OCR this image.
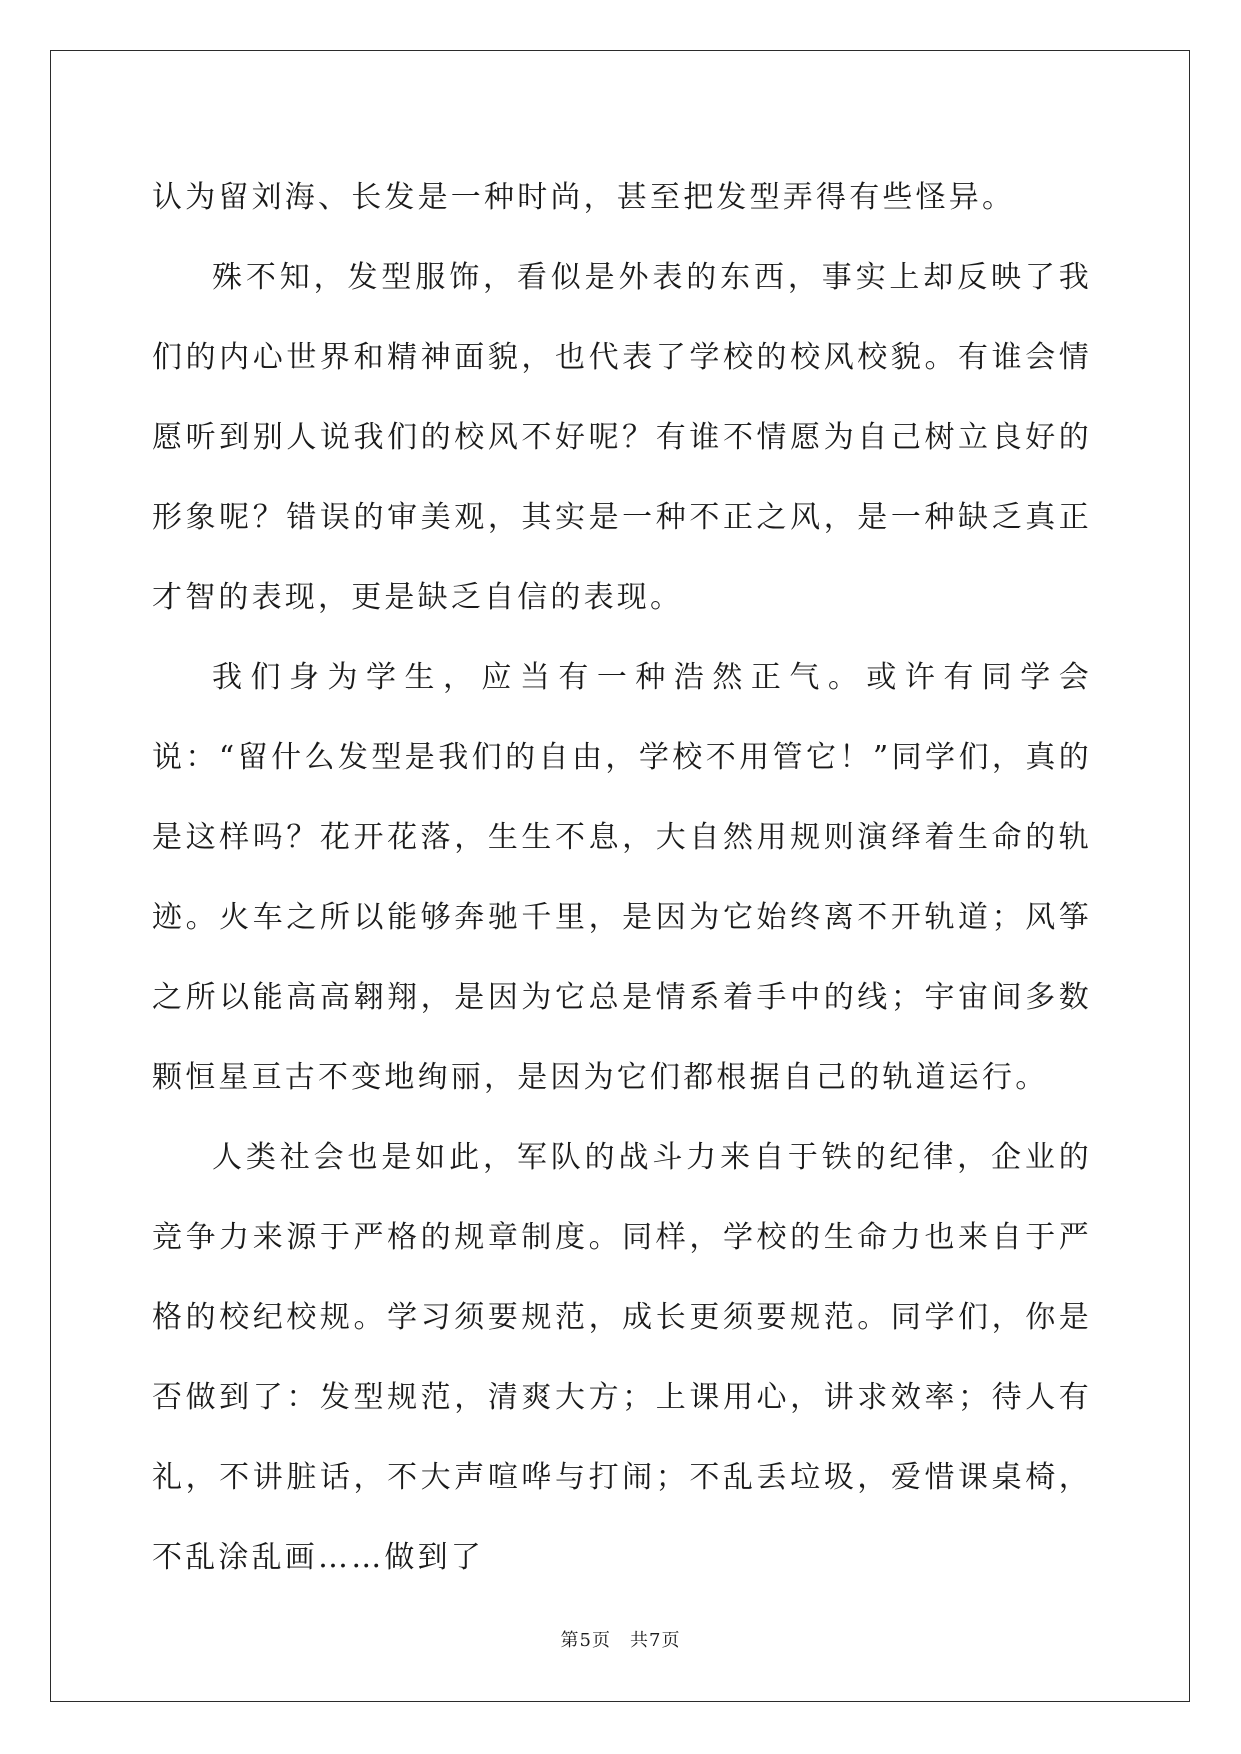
认为留刘海、长发是一种时尚，甚至把发型弄得有些怪异。

殊不知，发型服饰，看似是外表的东西，事实上却反映了我们的内心世界和精神面貌，也代表了学校的校风校貌。有谁会情愿听到别人说我们的校风不好呢？有谁不情愿为自己树立良好的形象呢？错误的审美观，其实是一种不正之风，是一种缺乏真正才智的表现，更是缺乏自信的表现。

我们身为学生，应当有一种浩然正气。或许有同学会说：“留什么发型是我们的自由，学校不用管它！”同学们，真的是这样吗？花开花落，生生不息，大自然用规则演绎着生命的轨迹。火车之所以能够奔驰千里，是因为它始终离不开轨道；风筝之所以能高高翱翔，是因为它总是情系着手中的线；宇宙间多数颗恒星亘古不变地绚丽，是因为它们都根据自己的轨道运行。

人类社会也是如此，军队的战斗力来自于铁的纪律，企业的竞争力来源于严格的规章制度。同样，学校的生命力也来自于严格的校纪校规。学习须要规范，成长更须要规范。同学们，你是否做到了：发型规范，清爽大方；上课用心，讲求效率；待人有礼，不讲脏话，不大声喧哗与打闹；不乱丢垃圾，爱惜课桌椅，不乱涂乱画……做到了

第5页　共7页
